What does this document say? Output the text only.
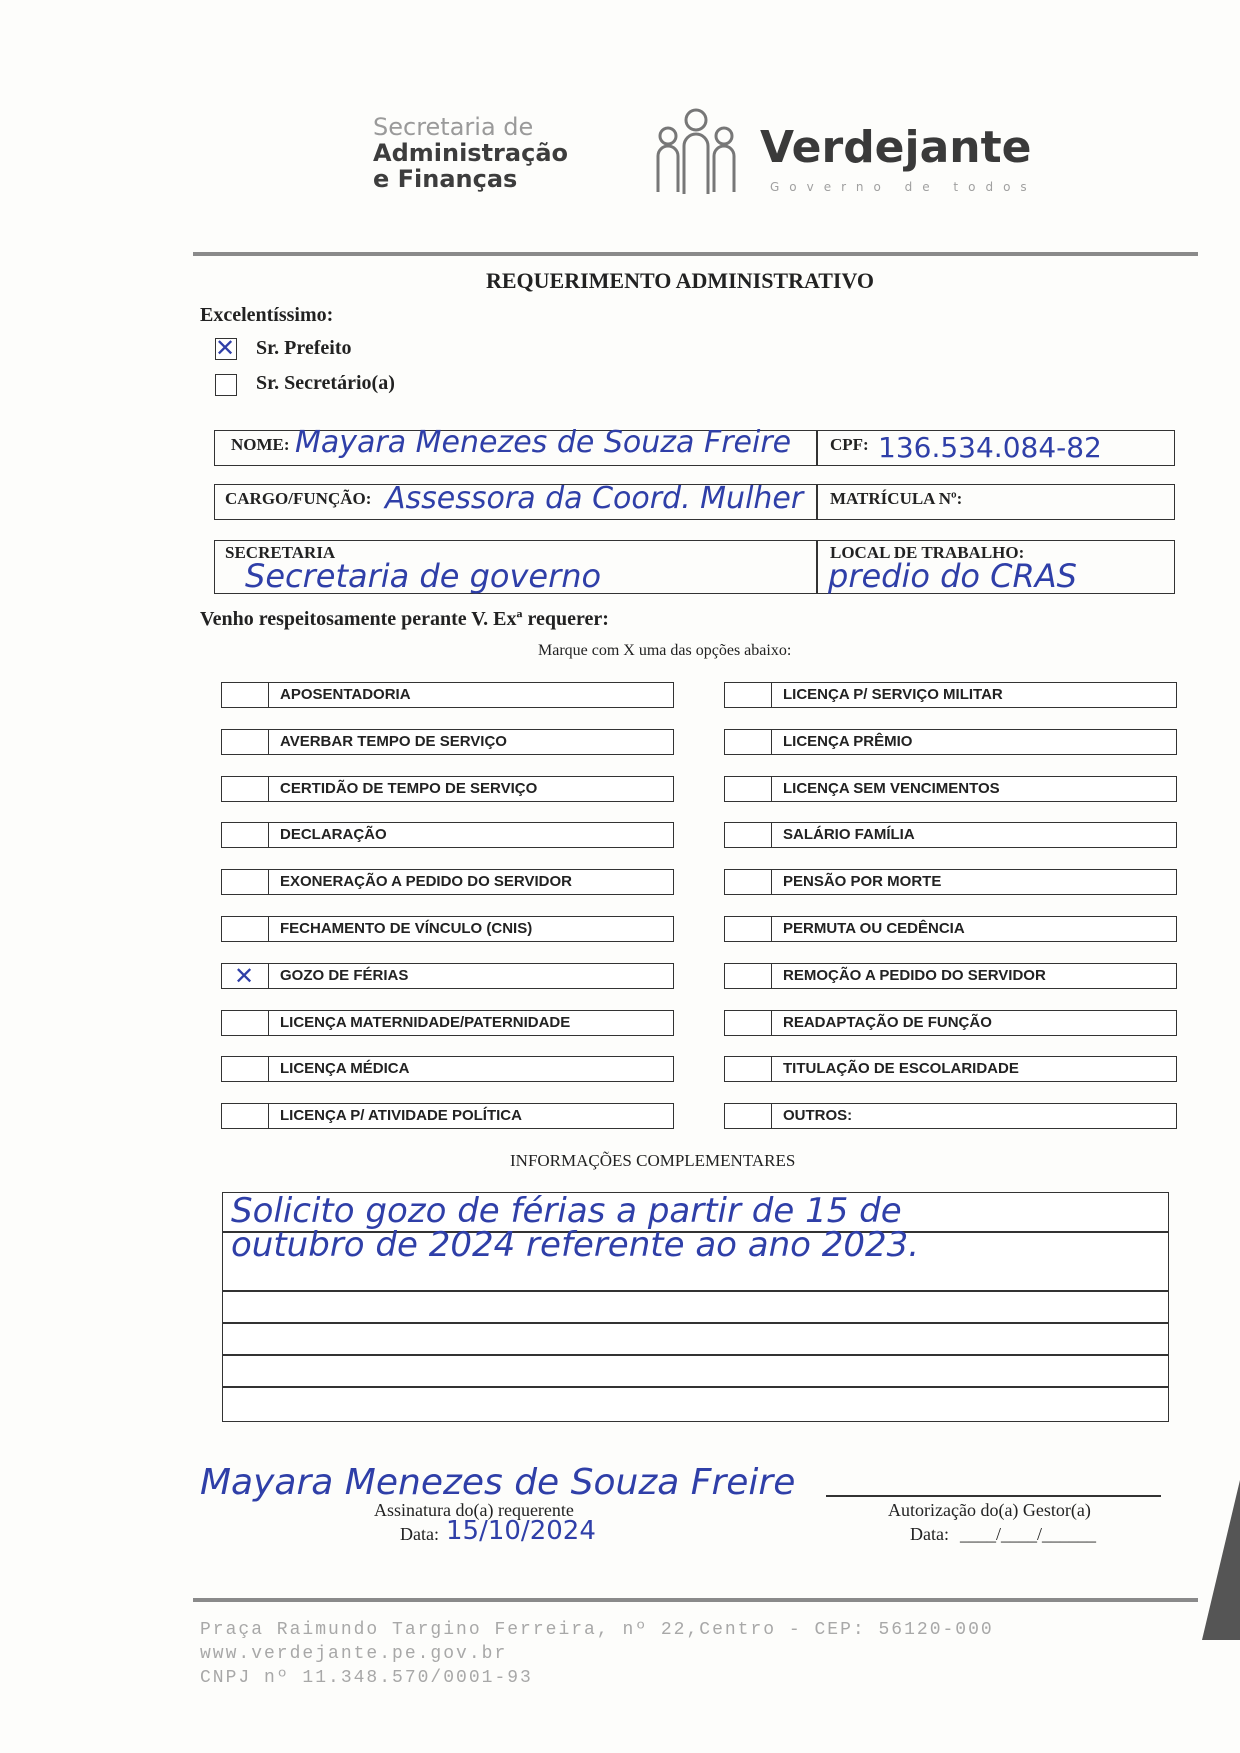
Secretaria de
Administração
e Finanças
Verdejante
Governo de todos
REQUERIMENTO ADMINISTRATIVO
Excelentíssimo:
✕ Sr. Prefeito
Sr. Secretário(a)
NOME: Mayara Menezes de Souza Freire CPF: 136.534.084-82
CARGO/FUNÇÃO: Assessora da Coord. Mulher MATRÍCULA Nº:
SECRETARIA
Secretaria de governo
LOCAL DE TRABALHO:
predio do CRAS
Venho respeitosamente perante V. Exª requerer:
Marque com X uma das opções abaixo:
APOSENTADORIA
AVERBAR TEMPO DE SERVIÇO
CERTIDÃO DE TEMPO DE SERVIÇO
DECLARAÇÃO
EXONERAÇÃO A PEDIDO DO SERVIDOR
FECHAMENTO DE VÍNCULO (CNIS)
✕ GOZO DE FÉRIAS
LICENÇA MATERNIDADE/PATERNIDADE
LICENÇA MÉDICA
LICENÇA P/ ATIVIDADE POLÍTICA
LICENÇA P/ SERVIÇO MILITAR
LICENÇA PRÊMIO
LICENÇA SEM VENCIMENTOS
SALÁRIO FAMÍLIA
PENSÃO POR MORTE
PERMUTA OU CEDÊNCIA
REMOÇÃO A PEDIDO DO SERVIDOR
READAPTAÇÃO DE FUNÇÃO
TITULAÇÃO DE ESCOLARIDADE
OUTROS:
INFORMAÇÕES COMPLEMENTARES
Solicito gozo de férias a partir de 15 de
outubro de 2024 referente ao ano 2023.
Mayara Menezes de Souza Freire
Assinatura do(a) requerente
Data: 15/10/2024
Autorização do(a) Gestor(a)
Data: ____/____/______
Praça Raimundo Targino Ferreira, nº 22,Centro - CEP: 56120-000
www.verdejante.pe.gov.br
CNPJ nº 11.348.570/0001-93
